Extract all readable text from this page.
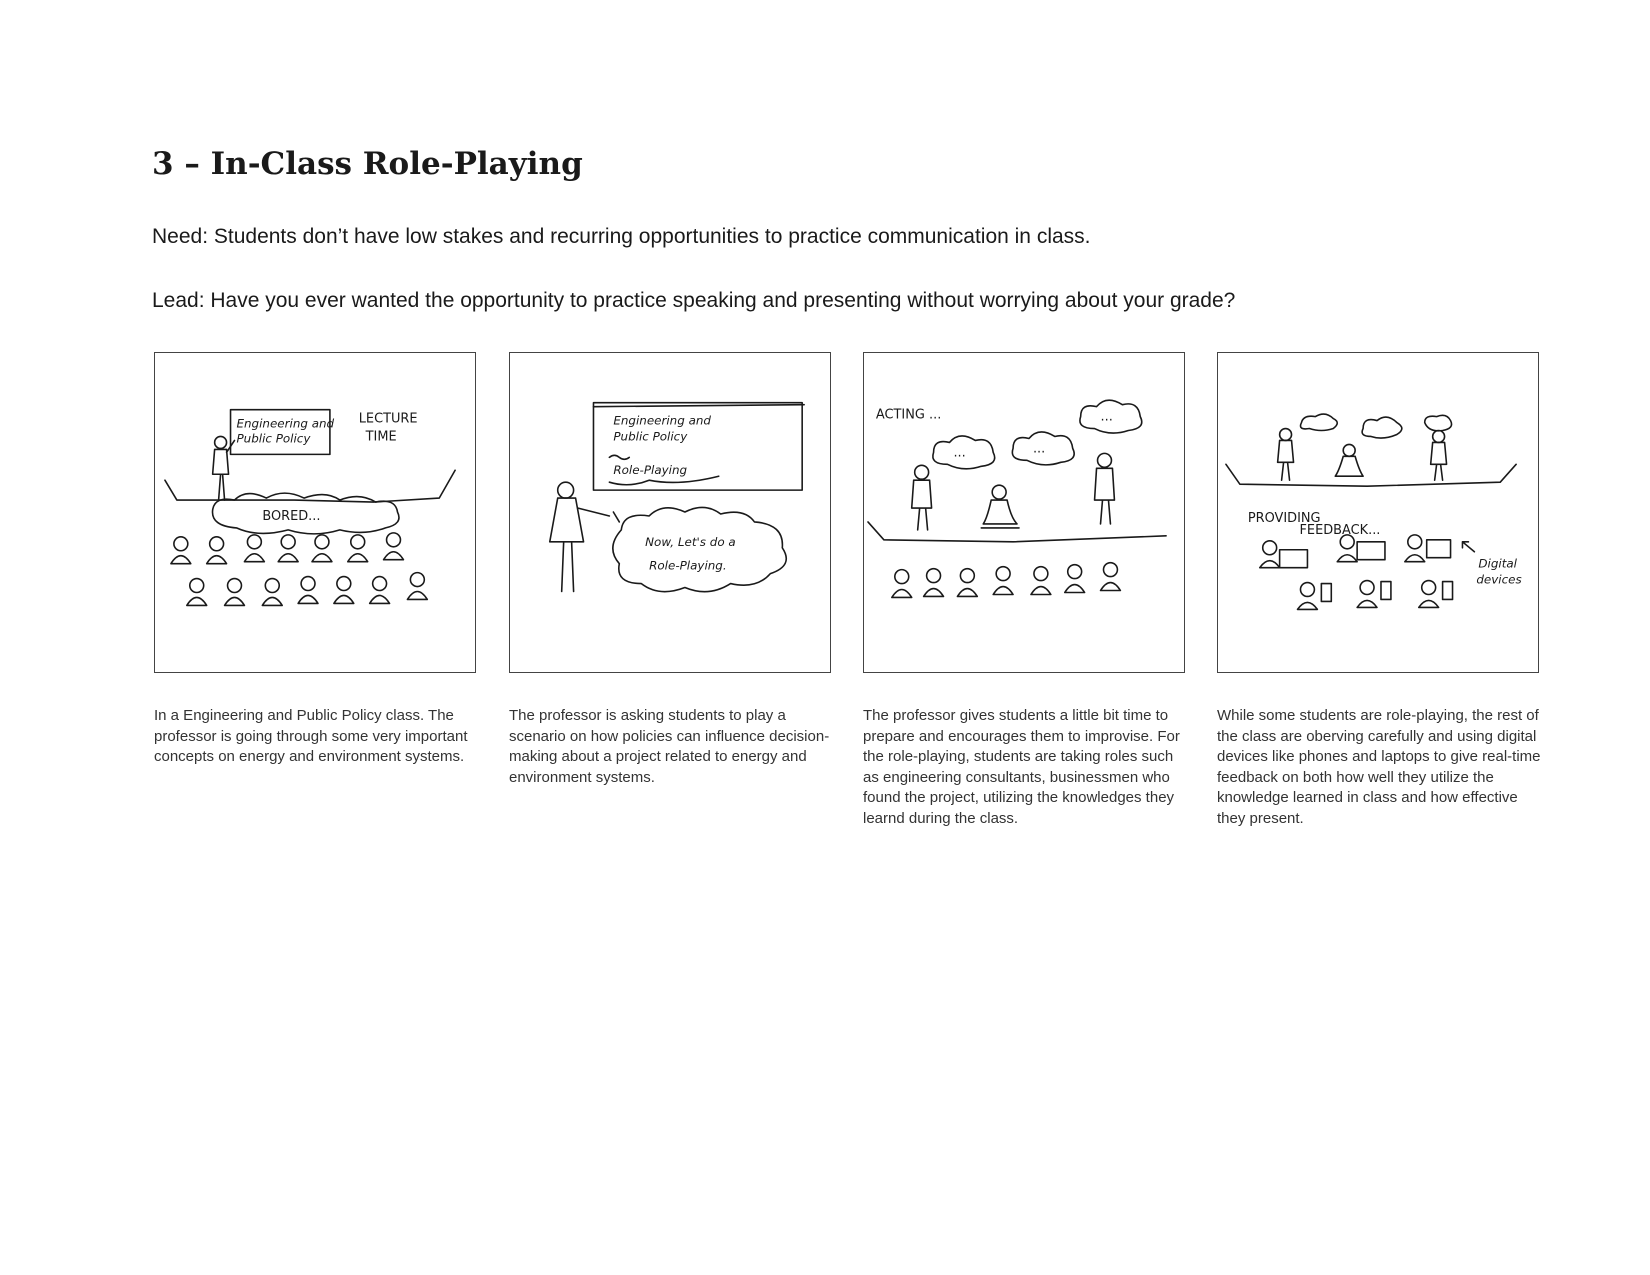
3 – In-Class Role-Playing

Need: Students don’t have low stakes and recurring opportunities to practice communication in class.

Lead: Have you ever wanted the opportunity to practice speaking and presenting without worrying about your grade?

Engineering and
Public Policy
LECTURE
TIME
BORED...

In a Engineering and Public Policy class. The professor is going through some very important concepts on energy and environment systems.

Engineering and
Public Policy
Role-Playing
Now, Let's do a
Role-Playing.

The professor is asking students to play a scenario on how policies can influence decision-making about a project related to energy and environment systems.

ACTING ...
...	...
...

The professor gives students a little bit time to prepare and encourages them to improvise. For the role-playing, students are taking roles such as engineering consultants, businessmen who found the project, utilizing the knowledges they learnd during the class.

PROVIDING
FEEDBACK...
Digital
devices

While some students are role-playing, the rest of the class are oberving carefully and using digital devices like phones and laptops to give real-time feedback on both how well they utilize the knowledge learned in class and how effective they present.
